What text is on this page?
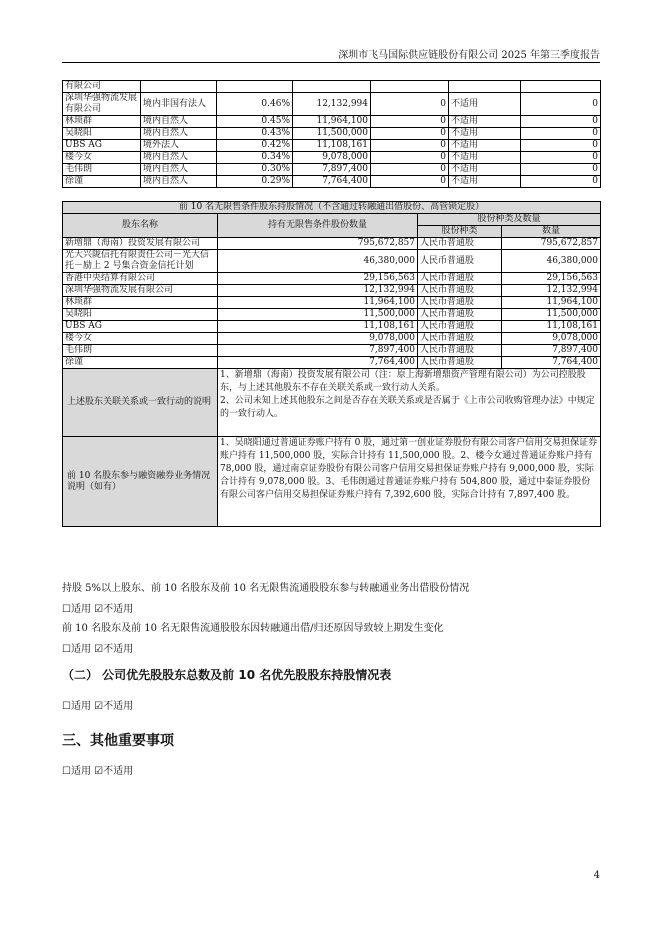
深圳市飞马国际供应链股份有限公司 2025 年第三季度报告
有限公司						
深圳华强物流发展有限公司	境内非国有法人	0.46%	12,132,994	0	不适用	0
林琐群	境内自然人	0.45%	11,964,100	0	不适用	0
吴晓阳	境内自然人	0.43%	11,500,000	0	不适用	0
UBS AG	境外法人	0.42%	11,108,161	0	不适用	0
楼今女	境内自然人	0.34%	9,078,000	0	不适用	0
毛伟朗	境内自然人	0.30%	7,897,400	0	不适用	0
徐谨	境内自然人	0.29%	7,764,400	0	不适用	0
前 10 名无限售条件股东持股情况（不含通过转融通出借股份、高管锁定股）			
股东名称	持有无限售条件股份数量	股份种类及数量	
		股份种类	数量
新增鼎（海南）投资发展有限公司	795,672,857	人民币普通股	795,672,857
光大兴陇信托有限责任公司－光大信托－励上 2 号集合资金信托计划	46,380,000	人民币普通股	46,380,000
香港中央结算有限公司	29,156,563	人民币普通股	29,156,563
深圳华强物流发展有限公司	12,132,994	人民币普通股	12,132,994
林琐群	11,964,100	人民币普通股	11,964,100
吴晓阳	11,500,000	人民币普通股	11,500,000
UBS AG	11,108,161	人民币普通股	11,108,161
楼今女	9,078,000	人民币普通股	9,078,000
毛伟朗	7,897,400	人民币普通股	7,897,400
徐谨	7,764,400	人民币普通股	7,764,400
上述股东关联关系或一致行动的说明	1、新增鼎（海南）投资发展有限公司（注：原上海新增鼎资产管理有限公司）为公司控股股东，与上述其他股东不存在关联关系或一致行动人关系。
2、公司未知上述其他股东之间是否存在关联关系或是否属于《上市公司收购管理办法》中规定的一致行动人。		
前 10 名股东参与融资融券业务情况说明（如有）	1、吴晓阳通过普通证券账户持有 0 股，通过第一创业证券股份有限公司客户信用交易担保证券账户持有 11,500,000 股，实际合计持有 11,500,000 股。2、楼今女通过普通证券账户持有 78,000 股，通过南京证券股份有限公司客户信用交易担保证券账户持有 9,000,000 股，实际合计持有 9,078,000 股。3、毛伟朗通过普通证券账户持有 504,800 股，通过中泰证券股份有限公司客户信用交易担保证券账户持有 7,392,600 股，实际合计持有 7,897,400 股。		
持股 5%以上股东、前 10 名股东及前 10 名无限售流通股股东参与转融通业务出借股份情况
☐适用 ☑不适用
前 10 名股东及前 10 名无限售流通股股东因转融通出借/归还原因导致较上期发生变化
☐适用 ☑不适用
（二） 公司优先股股东总数及前 10 名优先股股东持股情况表
☐适用 ☑不适用
三、其他重要事项
☐适用 ☑不适用
4
